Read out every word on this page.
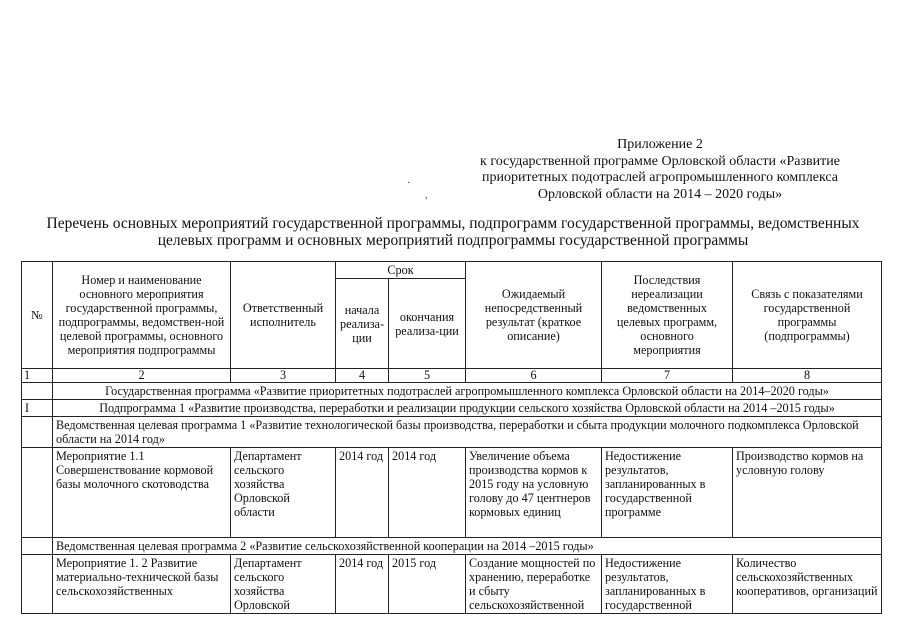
Приложение 2
к государственной программе Орловской области «Развитие
приоритетных подотраслей агропромышленного комплекса
Орловской области на 2014 – 2020 годы»
·
,
Перечень основных мероприятий государственной программы, подпрограмм государственной программы, ведомственных
целевых программ и основных мероприятий подпрограммы государственной программы
№	Номер и наименование основного мероприятия государственной программы, подпрограммы, ведомствен-ной целевой программы, основного мероприятия подпрограммы	Ответственный исполнитель	Срок		Ожидаемый непосредственный результат (краткое описание)	Последствия нереализации ведомственных целевых программ, основного мероприятия	Связь с показателями государственной программы (подпрограммы)
			начала реализа-ции	окончания реализа-ции			
1	2	3	4	5	6	7	8
	Государственная программа «Развитие приоритетных подотраслей агропромышленного комплекса Орловской области на 2014–2020 годы»						
I	Подпрограмма 1 «Развитие производства, переработки и реализации продукции сельского хозяйства Орловской области на 2014 –2015 годы»						
	Ведомственная целевая программа 1 «Развитие технологической базы производства, переработки и сбыта продукции молочного подкомплекса Орловской области на 2014 год»						
	Мероприятие 1.1 Совершенствование кормовой базы молочного скотоводства	Департамент сельского хозяйства Орловской области	2014 год	2014 год	Увеличение объема производства кормов к 2015 году на условную голову до 47 центнеров кормовых единиц	Недостижение результатов, запланированных в государственной программе	Производство кормов на условную голову
	Ведомственная целевая программа 2 «Развитие сельскохозяйственной кооперации на 2014 –2015 годы»						
	Мероприятие 1. 2 Развитие материально-технической базы сельскохозяйственных	Департамент сельского хозяйства Орловской	2014 год	2015 год	Создание мощностей по хранению, переработке и сбыту сельскохозяйственной	Недостижение результатов, запланированных в государственной	Количество сельскохозяйственных кооперативов, организаций
